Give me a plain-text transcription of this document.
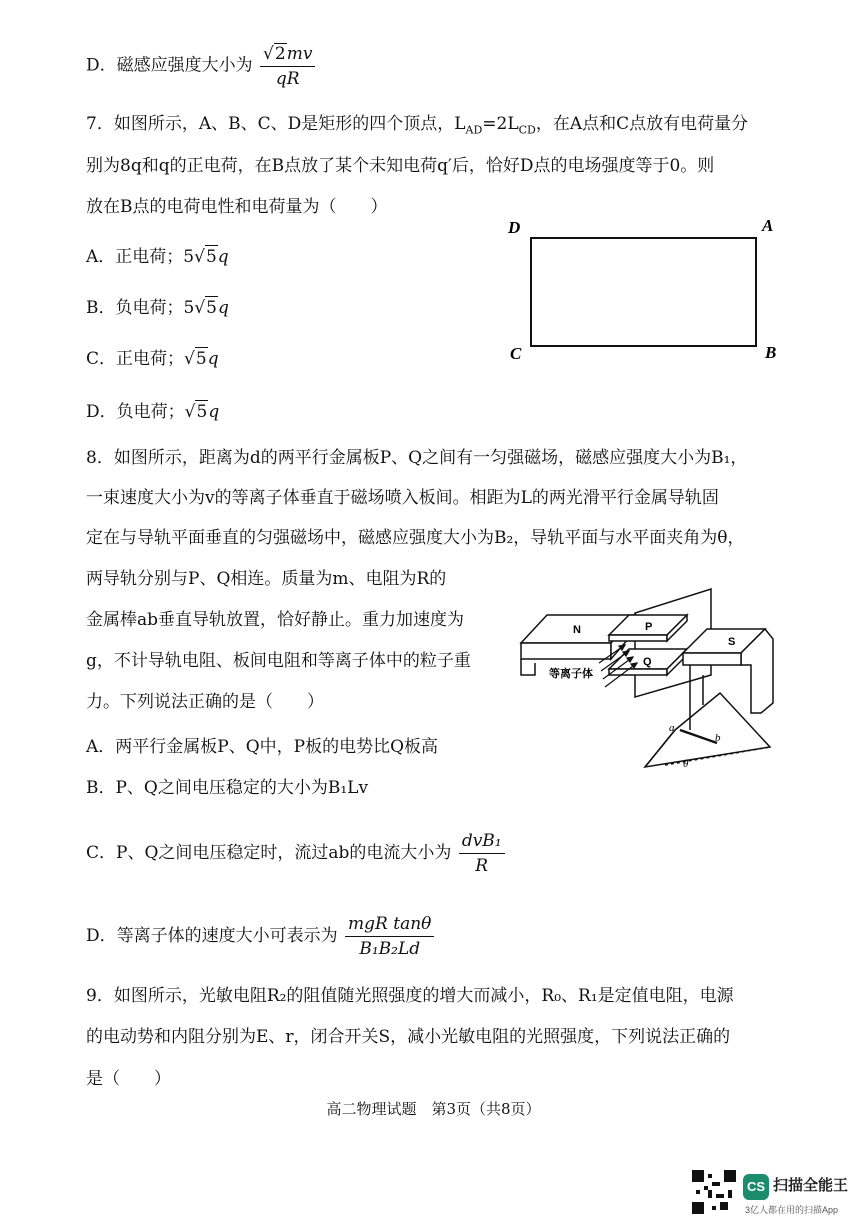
D．磁感应强度大小为 $\frac{√2mv}{qR}$
7．如图所示，A、B、C、D是矩形的四个顶点，$L_{AD}=2L_{CD}$，在A点和C点放有电荷量分
别为8q和q的正电荷，在B点放了某个未知电荷q′后，恰好D点的电场强度等于0。则
放在B点的电荷电性和电荷量为（　　）
A．正电荷；5√5q
B．负电荷；5√5q
C．正电荷；√5q
D．负电荷；√5q
D	A
C	B
8．如图所示，距离为d的两平行金属板P、Q之间有一匀强磁场，磁感应强度大小为B₁，
一束速度大小为v的等离子体垂直于磁场喷入板间。相距为L的两光滑平行金属导轨固
定在与导轨平面垂直的匀强磁场中，磁感应强度大小为B₂，导轨平面与水平面夹角为θ，
两导轨分别与P、Q相连。质量为m、电阻为R的
金属棒ab垂直导轨放置，恰好静止。重力加速度为
g，不计导轨电阻、板间电阻和等离子体中的粒子重
力。下列说法正确的是（　　）
A．两平行金属板P、Q中，P板的电势比Q板高
B．P、Q之间电压稳定的大小为B₁Lv
C．P、Q之间电压稳定时，流过ab的电流大小为 $\frac{\text{dvB₁}}{R}$
D．等离子体的速度大小可表示为 $\frac{\text{mgR tanθ}}{\text{B₁B₂Ld}}$
N	P
Q
S
等离子体
a
b
θ
9．如图所示，光敏电阻R₂的阻值随光照强度的增大而减小，R₀、R₁是定值电阻，电源
的电动势和内阻分别为E、r，闭合开关S，减小光敏电阻的光照强度，下列说法正确的
是（　　）
高二物理试题　第3页（共8页）
CS 扫描全能王
3亿人都在用的扫描App
